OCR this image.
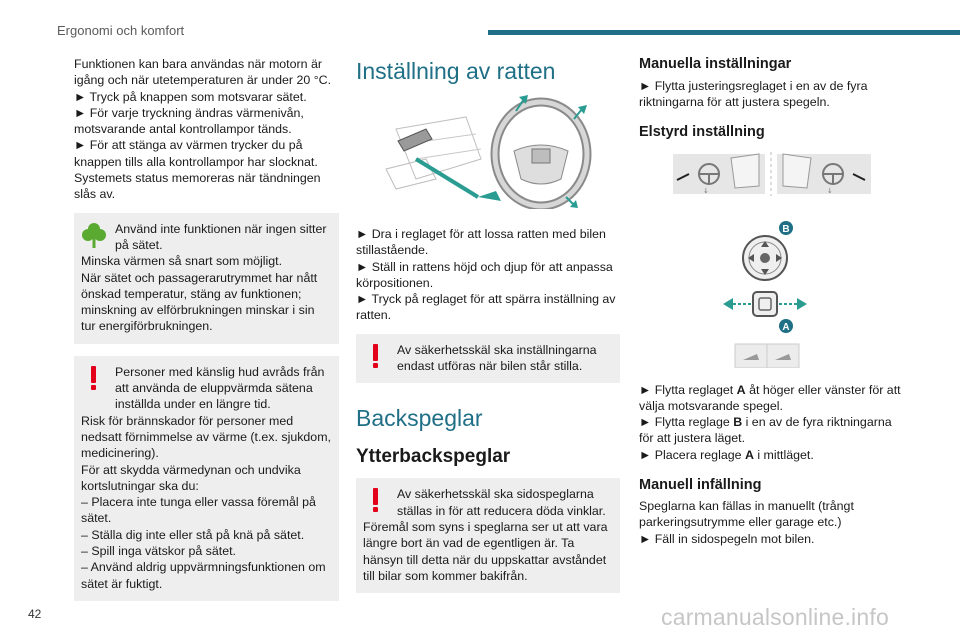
Ergonomi och komfort

Funktionen kan bara användas när motorn är igång och när utetemperaturen är under 20 °C.

► Tryck på knappen som motsvarar sätet.

► För varje tryckning ändras värmenivån, motsvarande antal kontrollampor tänds.

► För att stänga av värmen trycker du på knappen tills alla kontrollampor har slocknat.

Systemets status memoreras när tändningen slås av.

Använd inte funktionen när ingen sitter på sätet.

Minska värmen så snart som möjligt.

När sätet och passagerarutrymmet har nått önskad temperatur, stäng av funktionen; minskning av elförbrukningen minskar i sin tur energiförbrukningen.

Personer med känslig hud avråds från att använda de eluppvärmda sätena inställda under en längre tid.

Risk för brännskador för personer med nedsatt förnimmelse av värme (t.ex. sjukdom, medicinering).

För att skydda värmedynan och undvika kortslutningar ska du:

– Placera inte tunga eller vassa föremål på sätet.

– Ställa dig inte eller stå på knä på sätet.

– Spill inga vätskor på sätet.

– Använd aldrig uppvärmningsfunktionen om sätet är fuktigt.

Inställning av ratten

► Dra i reglaget för att lossa ratten med bilen stillastående.

► Ställ in rattens höjd och djup för att anpassa körpositionen.

► Tryck på reglaget för att spärra inställning av ratten.

Av säkerhetsskäl ska inställningarna endast utföras när bilen står stilla.

Backspeglar
Ytterbackspeglar

Av säkerhetsskäl ska sidospeglarna ställas in för att reducera döda vinklar.

Föremål som syns i speglarna ser ut att vara längre bort än vad de egentligen är. Ta hänsyn till detta när du uppskattar avståndet till bilar som kommer bakifrån.

Manuella inställningar

► Flytta justeringsreglaget i en av de fyra riktningarna för att justera spegeln.

Elstyrd inställning
↓	↓
B
A

► Flytta reglaget A åt höger eller vänster för att välja motsvarande spegel.

► Flytta reglage B i en av de fyra riktningarna för att justera läget.

► Placera reglage A i mittläget.

Manuell infällning

Speglarna kan fällas in manuellt (trångt parkeringsutrymme eller garage etc.)

► Fäll in sidospegeln mot bilen.

42	carmanualsonline.info
